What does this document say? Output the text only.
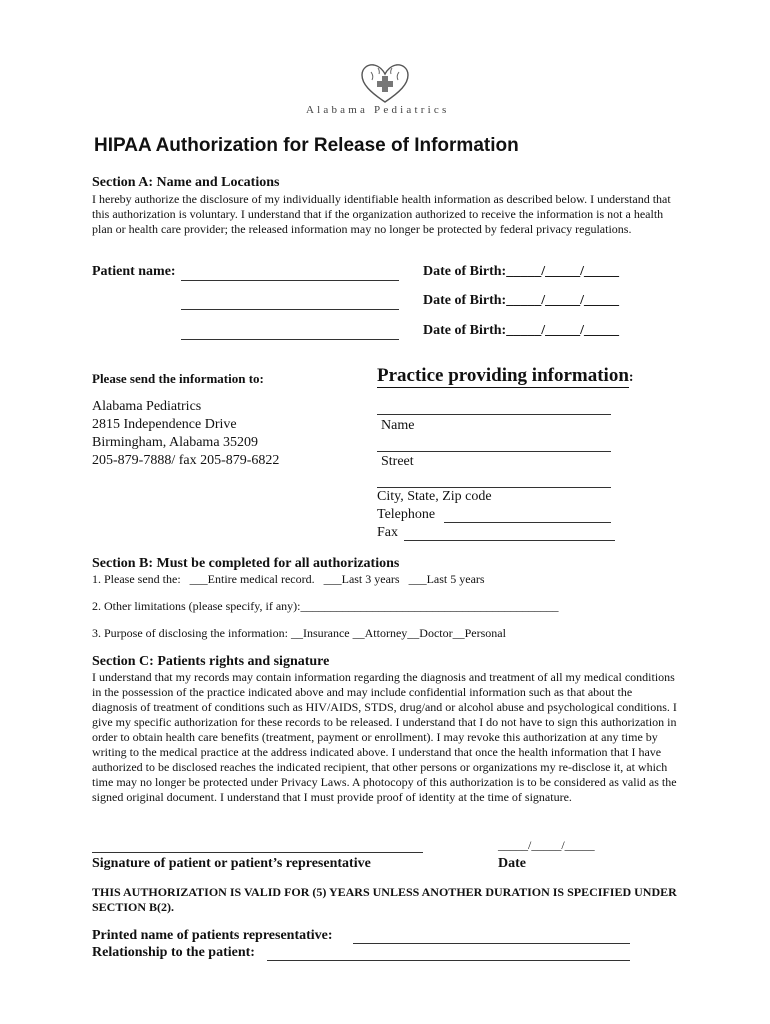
Alabama Pediatrics
HIPAA Authorization for Release of Information
Section A: Name and Locations
I hereby authorize the disclosure of my individually identifiable health information as described below. I understand that this authorization is voluntary. I understand that if the organization authorized to receive the information is not a health plan or health care provider; the released information may no longer be protected by federal privacy regulations.
Patient name:	Date of Birth:_____/_____/_____
Date of Birth:_____/_____/_____
Date of Birth:_____/_____/_____
Please send the information to:
Alabama Pediatrics
2815 Independence Drive
Birmingham, Alabama 35209
205-879-7888/ fax 205-879-6822
Practice providing information:
Name
Street
City, State, Zip code
Telephone
Fax
Section B: Must be completed for all authorizations
1. Please send the: ___Entire medical record. ___Last 3 years ___Last 5 years
2. Other limitations (please specify, if any):___________________________________________
3. Purpose of disclosing the information: __Insurance __Attorney__Doctor__Personal
Section C: Patients rights and signature
I understand that my records may contain information regarding the diagnosis and treatment of all my medical conditions in the possession of the practice indicated above and may include confidential information such as that about the diagnosis of treatment of conditions such as HIV/AIDS, STDS, drug/and or alcohol abuse and psychological conditions. I give my specific authorization for these records to be released. I understand that I do not have to sign this authorization in order to obtain health care benefits (treatment, payment or enrollment). I may revoke this authorization at any time by writing to the medical practice at the address indicated above. I understand that once the health information that I have authorized to be disclosed reaches the indicated recipient, that other persons or organizations my re-disclose it, at which time may no longer be protected under Privacy Laws. A photocopy of this authorization is to be considered as valid as the signed original document. I understand that I must provide proof of identity at the time of signature.
_____/_____/_____
Signature of patient or patient’s representative	Date
THIS AUTHORIZATION IS VALID FOR (5) YEARS UNLESS ANOTHER DURATION IS SPECIFIED UNDER SECTION B(2).
Printed name of patients representative:
Relationship to the patient:
